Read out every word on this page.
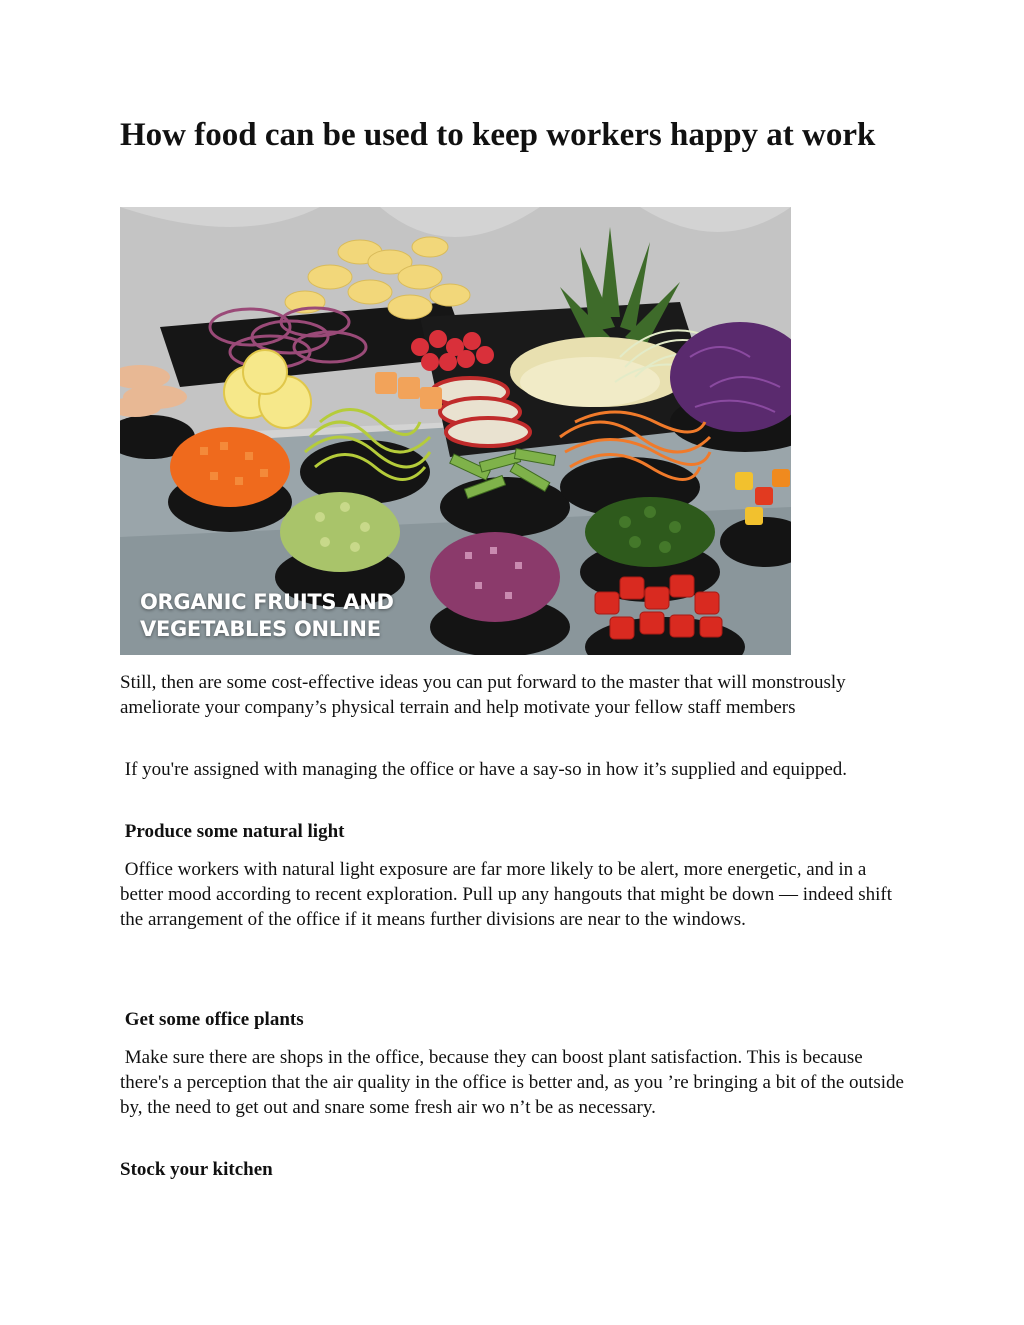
How food can be used to keep workers happy at work
ORGANIC FRUITS AND
VEGETABLES ONLINE

Still, then are some cost-effective ideas you can put forward to the master that will monstrously ameliorate your company’s physical terrain and help motivate your fellow staff members

If you're assigned with managing the office or have a say-so in how it’s supplied and equipped.

Produce some natural light

Office workers with natural light exposure are far more likely to be alert, more energetic, and in a better mood according to recent exploration. Pull up any hangouts that might be down — indeed shift the arrangement of the office if it means further divisions are near to the windows.

Get some office plants

Make sure there are shops in the office, because they can boost plant satisfaction. This is because there's a perception that the air quality in the office is better and, as you ’re bringing a bit of the outside by, the need to get out and snare some fresh air wo n’t be as necessary.

Stock your kitchen
